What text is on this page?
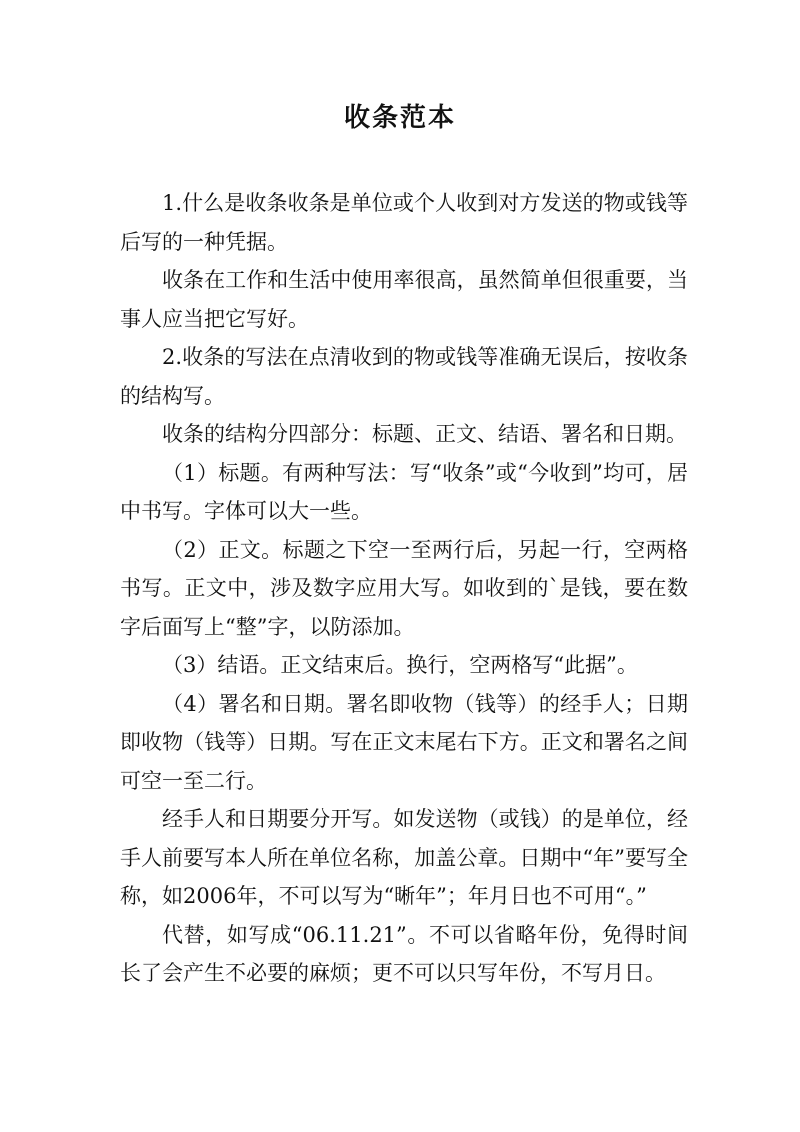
收条范本

1.什么是收条收条是单位或个人收到对方发送的物或钱等后写的一种凭据。

收条在工作和生活中使用率很高，虽然简单但很重要，当事人应当把它写好。

2.收条的写法在点清收到的物或钱等准确无误后，按收条的结构写。

收条的结构分四部分：标题、正文、结语、署名和日期。

（1）标题。有两种写法：写“收条”或“今收到”均可，居中书写。字体可以大一些。

（2）正文。标题之下空一至两行后，另起一行，空两格书写。正文中，涉及数字应用大写。如收到的`是钱，要在数字后面写上“整”字，以防添加。

（3）结语。正文结束后。换行，空两格写“此据”。

（4）署名和日期。署名即收物（钱等）的经手人；日期即收物（钱等）日期。写在正文末尾右下方。正文和署名之间可空一至二行。

经手人和日期要分开写。如发送物（或钱）的是单位，经手人前要写本人所在单位名称，加盖公章。日期中“年”要写全称，如2006年，不可以写为“晰年”；年月日也不可用“。”

代替，如写成“06.11.21”。不可以省略年份，免得时间长了会产生不必要的麻烦；更不可以只写年份，不写月日。
